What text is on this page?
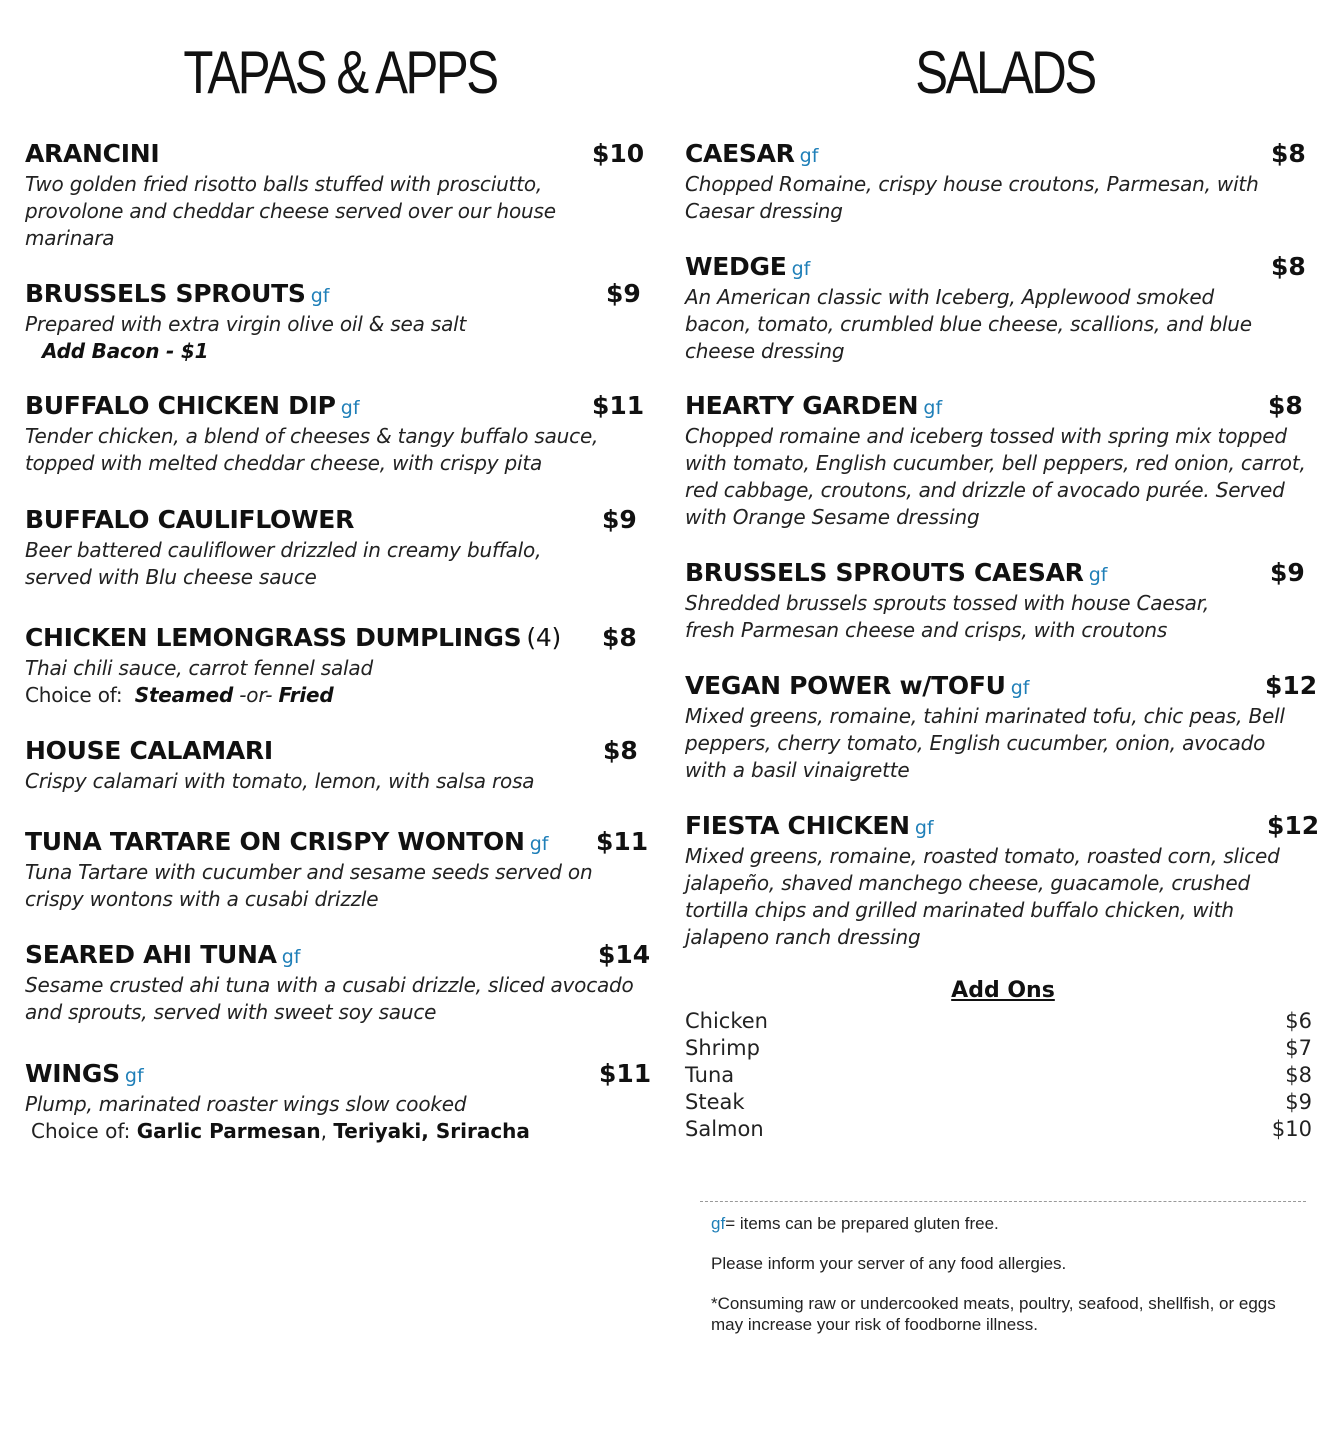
TAPAS & APPS	SALADS
ARANCINI	$10
Two golden fried risotto balls stuffed with prosciutto, provolone and cheddar cheese served over our house marinara
BRUSSELS SPROUTS gf	$9
Prepared with extra virgin olive oil & sea salt
Add Bacon - $1
BUFFALO CHICKEN DIP gf	$11
Tender chicken, a blend of cheeses & tangy buffalo sauce, topped with melted cheddar cheese, with crispy pita
BUFFALO CAULIFLOWER	$9
Beer battered cauliflower drizzled in creamy buffalo, served with Blu cheese sauce
CHICKEN LEMONGRASS DUMPLINGS (4) $8
Thai chili sauce, carrot fennel salad
Choice of: Steamed -or- Fried
HOUSE CALAMARI	$8
Crispy calamari with tomato, lemon, with salsa rosa
TUNA TARTARE ON CRISPY WONTON gf $11
Tuna Tartare with cucumber and sesame seeds served on crispy wontons with a cusabi drizzle
SEARED AHI TUNA gf	$14
Sesame crusted ahi tuna with a cusabi drizzle, sliced avocado and sprouts, served with sweet soy sauce
WINGS gf	$11
Plump, marinated roaster wings slow cooked
Choice of: Garlic Parmesan, Teriyaki, Sriracha
CAESAR gf	$8
Chopped Romaine, crispy house croutons, Parmesan, with Caesar dressing
WEDGE gf	$8
An American classic with Iceberg, Applewood smoked bacon, tomato, crumbled blue cheese, scallions, and blue cheese dressing
HEARTY GARDEN gf	$8
Chopped romaine and iceberg tossed with spring mix topped with tomato, English cucumber, bell peppers, red onion, carrot, red cabbage, croutons, and drizzle of avocado purée. Served with Orange Sesame dressing
BRUSSELS SPROUTS CAESAR gf	$9
Shredded brussels sprouts tossed with house Caesar, fresh Parmesan cheese and crisps, with croutons
VEGAN POWER w/TOFU gf	$12
Mixed greens, romaine, tahini marinated tofu, chic peas, Bell peppers, cherry tomato, English cucumber, onion, avocado with a basil vinaigrette
FIESTA CHICKEN gf	$12
Mixed greens, romaine, roasted tomato, roasted corn, sliced jalapeño, shaved manchego cheese, guacamole, crushed tortilla chips and grilled marinated buffalo chicken, with jalapeno ranch dressing
Add Ons
Chicken	$6
Shrimp	$7
Tuna	$8
Steak	$9
Salmon	$10

gf= items can be prepared gluten free.

Please inform your server of any food allergies.

*Consuming raw or undercooked meats, poultry, seafood, shellfish, or eggs may increase your risk of foodborne illness.
